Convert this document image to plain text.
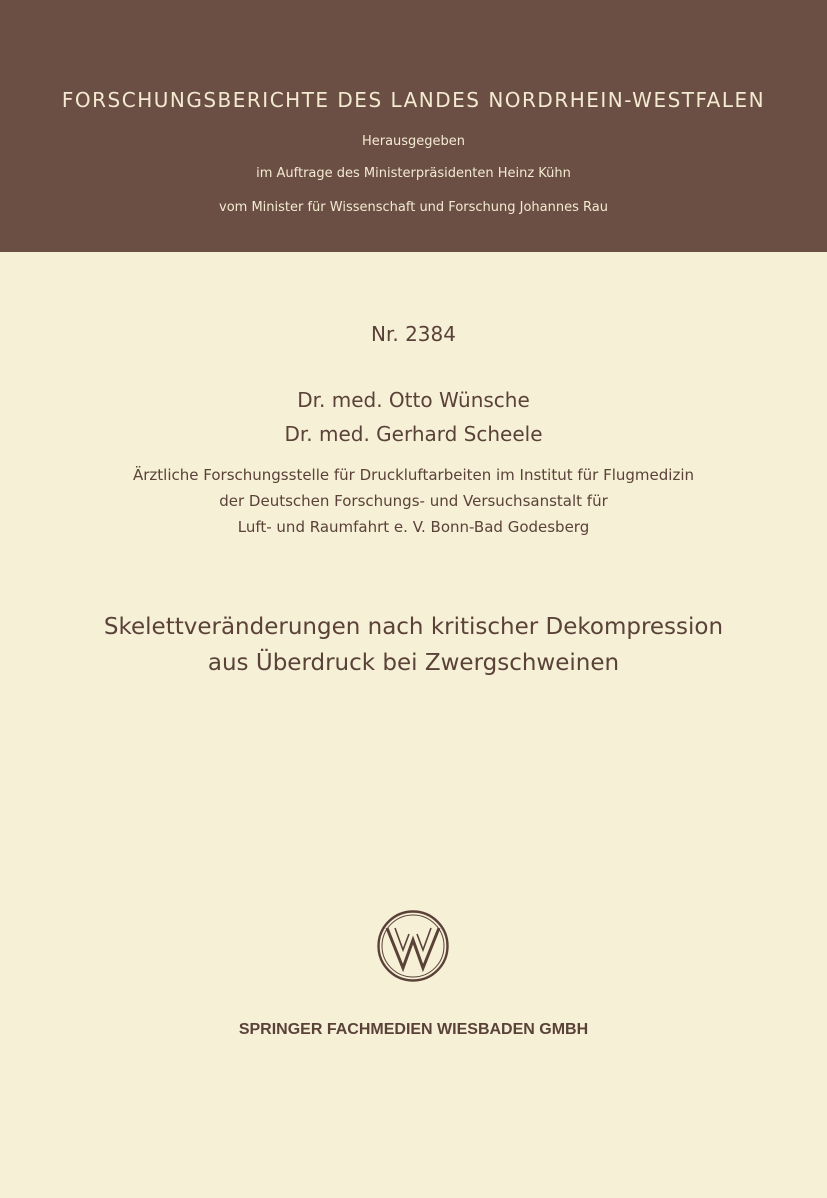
FORSCHUNGSBERICHTE DES LANDES NORDRHEIN-WESTFALEN
Herausgegeben
im Auftrage des Ministerpräsidenten Heinz Kühn
vom Minister für Wissenschaft und Forschung Johannes Rau
Nr. 2384
Dr. med. Otto Wünsche
Dr. med. Gerhard Scheele
Ärztliche Forschungsstelle für Druckluftarbeiten im Institut für Flugmedizin
der Deutschen Forschungs- und Versuchsanstalt für
Luft- und Raumfahrt e. V. Bonn-Bad Godesberg
Skelettveränderungen nach kritischer Dekompression
aus Überdruck bei Zwergschweinen
SPRINGER FACHMEDIEN WIESBADEN GMBH
